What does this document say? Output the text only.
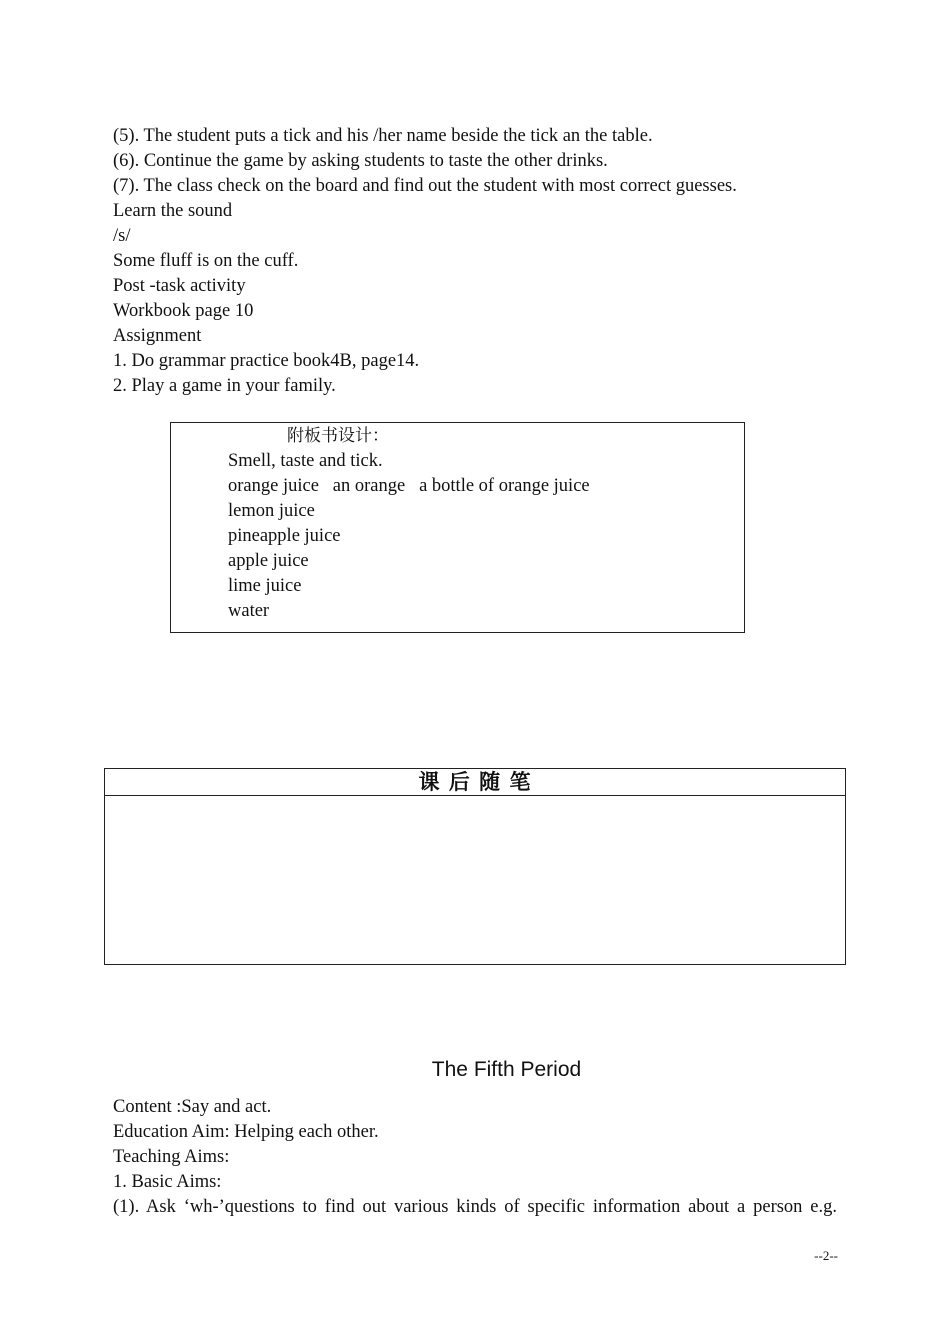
(5). The student puts a tick and his /her name beside the tick an the table.
(6). Continue the game by asking students to taste the other drinks.
(7). The class check on the board and find out the student with most correct guesses.
Learn the sound
/s/
Some fluff is on the cuff.
Post -task activity
Workbook page 10
Assignment
1. Do grammar practice book4B, page14.
2. Play a game in your family.
附板书设计：
Smell, taste and tick.
orange juice   an orange   a bottle of orange juice
lemon juice
pineapple juice
apple juice
lime juice
water
课 后 随 笔
The Fifth Period
Content :Say and act.
Education Aim: Helping each other.
Teaching Aims:
1. Basic Aims:
(1). Ask ‘wh-’questions to find out various kinds of specific information about a person e.g.
--2--
